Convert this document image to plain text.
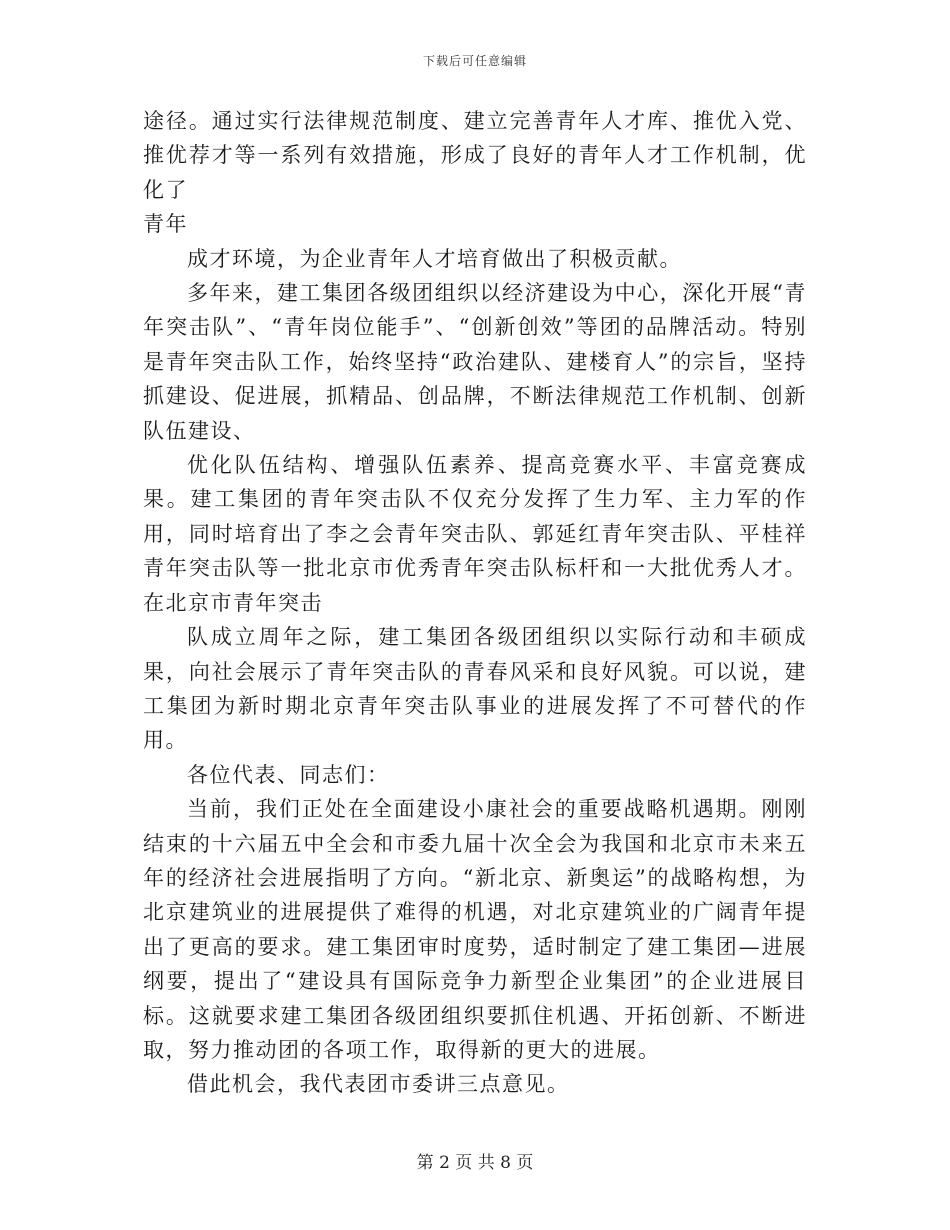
下载后可任意编辑

途径。通过实行法律规范制度、建立完善青年人才库、推优入党、推优荐才等一系列有效措施，形成了良好的青年人才工作机制，优化了
青年

成才环境，为企业青年人才培育做出了积极贡献。

多年来，建工集团各级团组织以经济建设为中心，深化开展“青年突击队”、“青年岗位能手”、“创新创效”等团的品牌活动。特别是青年突击队工作，始终坚持“政治建队、建楼育人”的宗旨，坚持抓建设、促进展，抓精品、创品牌，不断法律规范工作机制、创新队伍建设、

优化队伍结构、增强队伍素养、提高竞赛水平、丰富竞赛成果。建工集团的青年突击队不仅充分发挥了生力军、主力军的作用，同时培育出了李之会青年突击队、郭延红青年突击队、平桂祥青年突击队等一批北京市优秀青年突击队标杆和一大批优秀人才。在北京市青年突击

队成立周年之际，建工集团各级团组织以实际行动和丰硕成果，向社会展示了青年突击队的青春风采和良好风貌。可以说，建工集团为新时期北京青年突击队事业的进展发挥了不可替代的作用。

各位代表、同志们：

当前，我们正处在全面建设小康社会的重要战略机遇期。刚刚结束的十六届五中全会和市委九届十次全会为我国和北京市未来五年的经济社会进展指明了方向。“新北京、新奥运”的战略构想，为北京建筑业的进展提供了难得的机遇，对北京建筑业的广阔青年提出了更高的要求。建工集团审时度势，适时制定了建工集团—进展纲要，提出了“建设具有国际竞争力新型企业集团”的企业进展目标。这就要求建工集团各级团组织要抓住机遇、开拓创新、不断进取，努力推动团的各项工作，取得新的更大的进展。

借此机会，我代表团市委讲三点意见。

第 2 页 共 8 页
